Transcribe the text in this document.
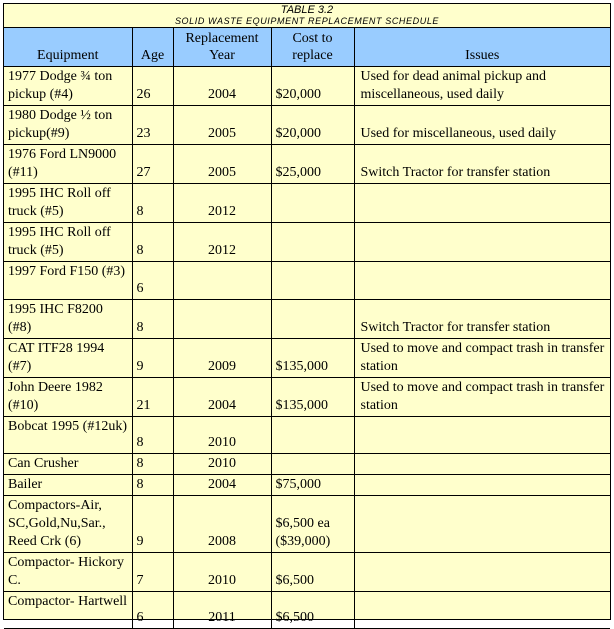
TABLE 3.2
SOLID WASTE EQUIPMENT REPLACEMENT SCHEDULE
Equipment	Age	Replacement Year	Cost to replace	Issues
1977 Dodge ¾ ton pickup (#4)	26	2004	$20,000	Used for dead animal pickup and miscellaneous, used daily
1980 Dodge ½ ton pickup(#9)	23	2005	$20,000	Used for miscellaneous, used daily
1976 Ford LN9000 (#11)	27	2005	$25,000	Switch Tractor for transfer station
1995 IHC Roll off truck (#5)	8	2012		
1995 IHC Roll off truck (#5)	8	2012		
1997 Ford F150 (#3)	6			
1995 IHC F8200 (#8)	8			Switch Tractor for transfer station
CAT ITF28 1994 (#7)	9	2009	$135,000	Used to move and compact trash in transfer station
John Deere 1982 (#10)	21	2004	$135,000	Used to move and compact trash in transfer station
Bobcat 1995 (#12uk)	8	2010		
Can Crusher	8	2010		
Bailer	8	2004	$75,000	
Compactors-Air, SC,Gold,Nu,Sar., Reed Crk (6)	9	2008	$6,500 ea ($39,000)	
Compactor- Hickory C.	7	2010	$6,500	
Compactor- Hartwell	6	2011	$6,500	
